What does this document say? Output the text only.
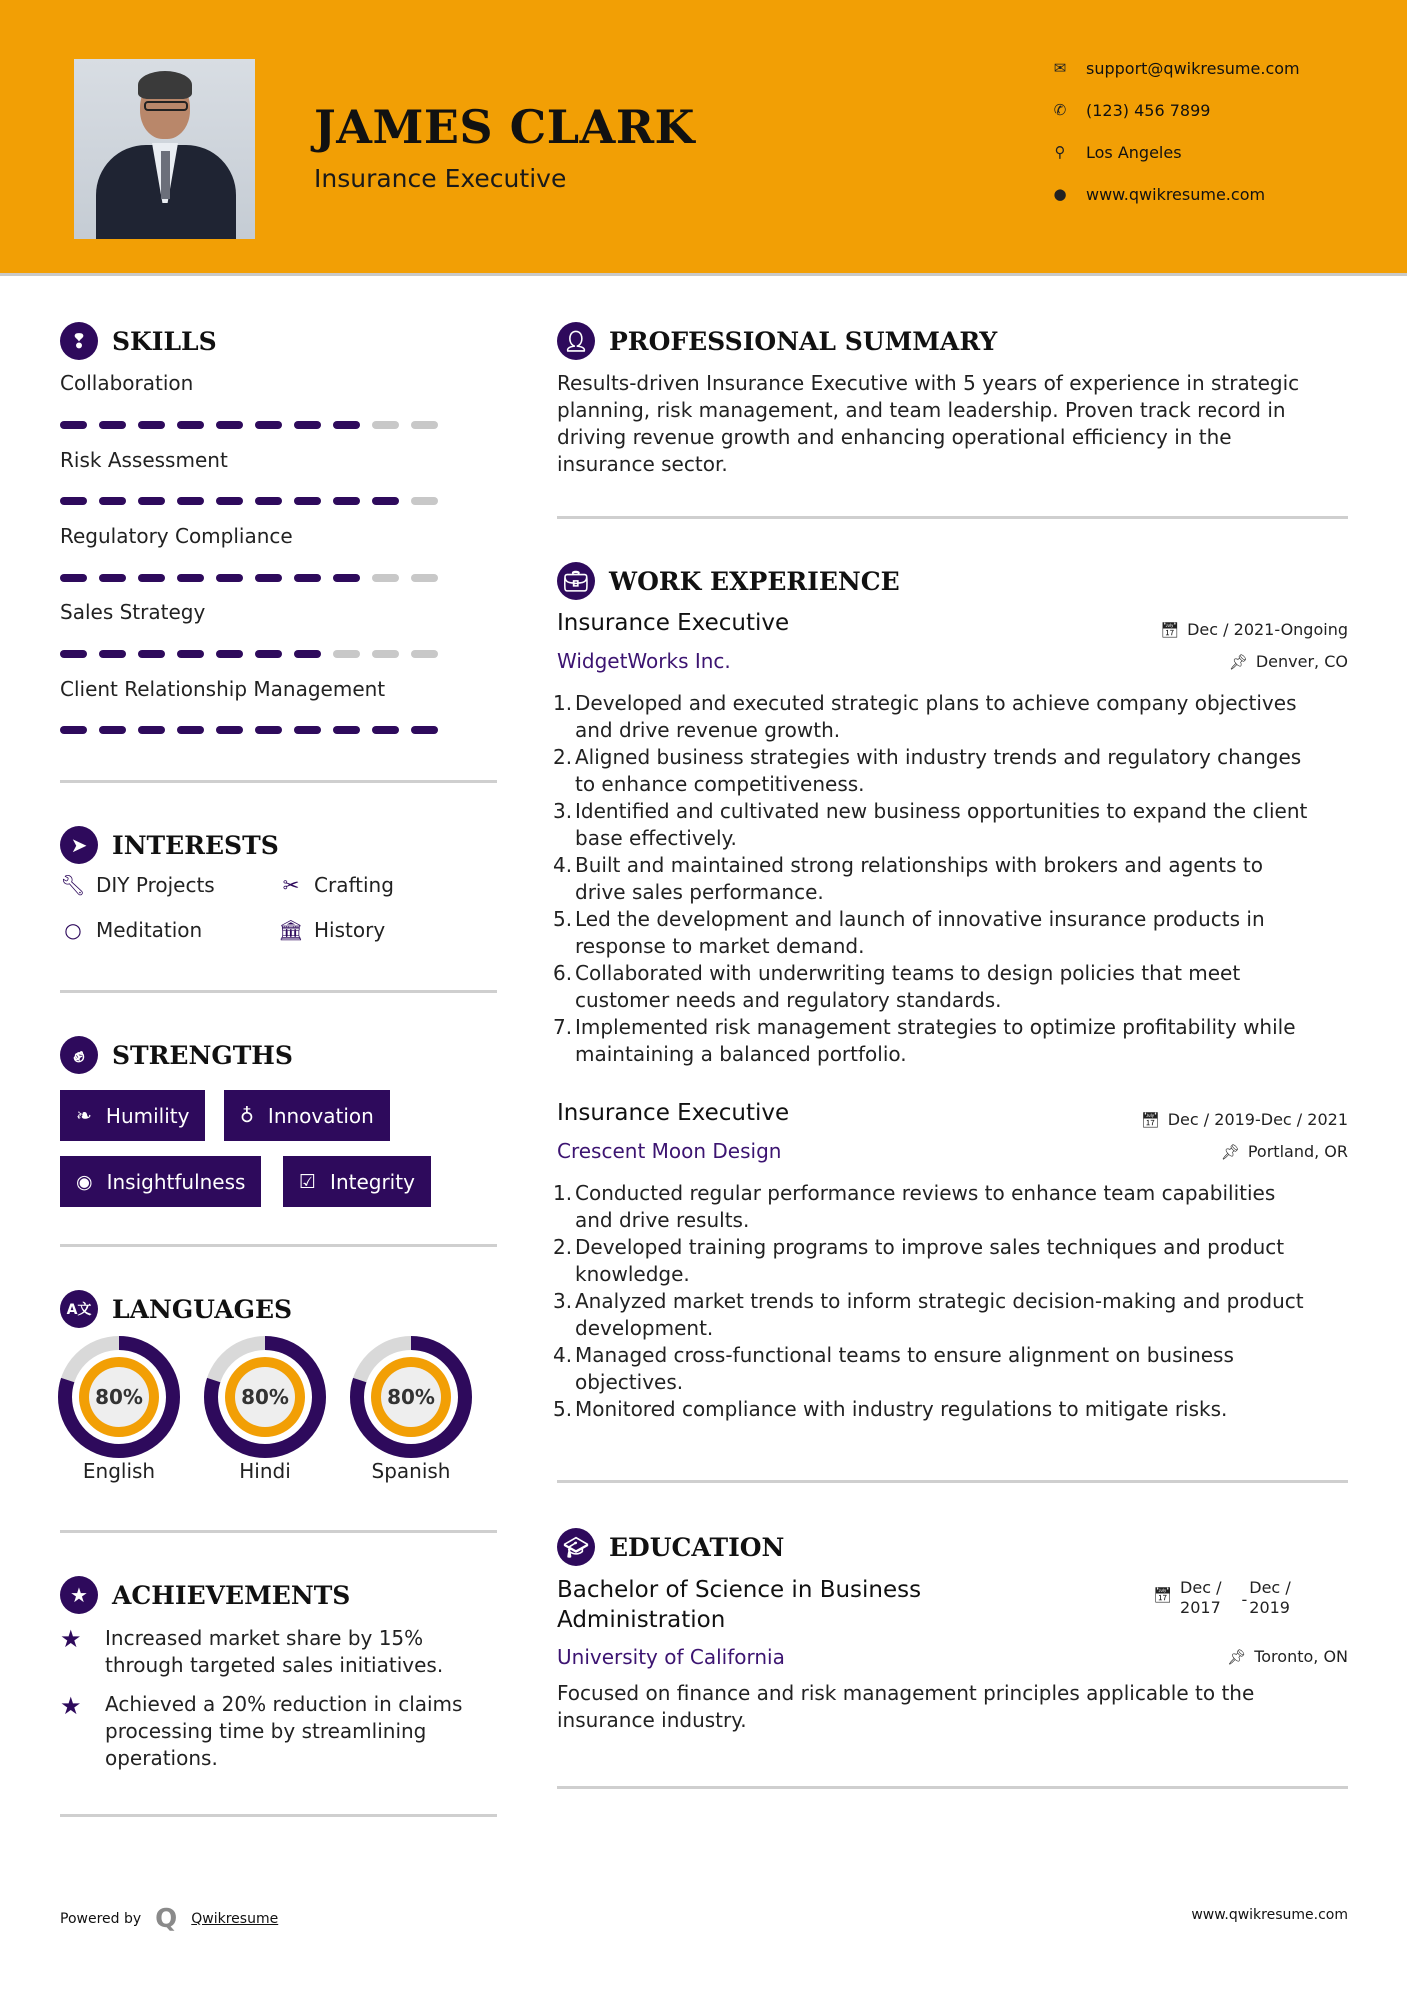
JAMES CLARK
Insurance Executive
✉ support@qwikresume.com
✆ (123) 456 7899
⚲ Los Angeles
● www.qwikresume.com
❢ SKILLS
Collaboration
Risk Assessment
Regulatory Compliance
Sales Strategy
Client Relationship Management
➤ INTERESTS
🔧︎ DIY Projects	✂ Crafting
○ Meditation	🏛︎ History
✊︎	STRENGTHS
❧ Humility	♁ Innovation
◉ Insightfulness	☑ Integrity
A文 LANGUAGES
80%	80%	80%
English	Hindi	Spanish
★ ACHIEVEMENTS
★ Increased market share by 15%
through targeted sales initiatives.
★ Achieved a 20% reduction in claims
processing time by streamlining
operations.
👤︎ PROFESSIONAL SUMMARY
Results-driven Insurance Executive with 5 years of experience in strategic
planning, risk management, and team leadership. Proven track record in
driving revenue growth and enhancing operational efficiency in the
insurance sector.
💼︎ WORK EXPERIENCE
Insurance Executive	📅︎ Dec / 2021-Ongoing
WidgetWorks Inc.	📌︎ Denver, CO
1. Developed and executed strategic plans to achieve company objectives
and drive revenue growth.
2. Aligned business strategies with industry trends and regulatory changes
to enhance competitiveness.
3. Identified and cultivated new business opportunities to expand the client
base effectively.
4. Built and maintained strong relationships with brokers and agents to
drive sales performance.
5. Led the development and launch of innovative insurance products in
response to market demand.
6. Collaborated with underwriting teams to design policies that meet
customer needs and regulatory standards.
7. Implemented risk management strategies to optimize profitability while
maintaining a balanced portfolio.
Insurance Executive	📅︎ Dec / 2019-Dec / 2021
Crescent Moon Design	📌︎ Portland, OR
1. Conducted regular performance reviews to enhance team capabilities
and drive results.
2. Developed training programs to improve sales techniques and product
knowledge.
3. Analyzed market trends to inform strategic decision-making and product
development.
4. Managed cross-functional teams to ensure alignment on business
objectives.
5. Monitored compliance with industry regulations to mitigate risks.
🎓︎ EDUCATION
Bachelor of Science in Business
Administration
📅︎ Dec /
2017 -
Dec /
2019
University of California	📌︎ Toronto, ON
Focused on finance and risk management principles applicable to the
insurance industry.
Powered by Q Qwikresume	www.qwikresume.com
